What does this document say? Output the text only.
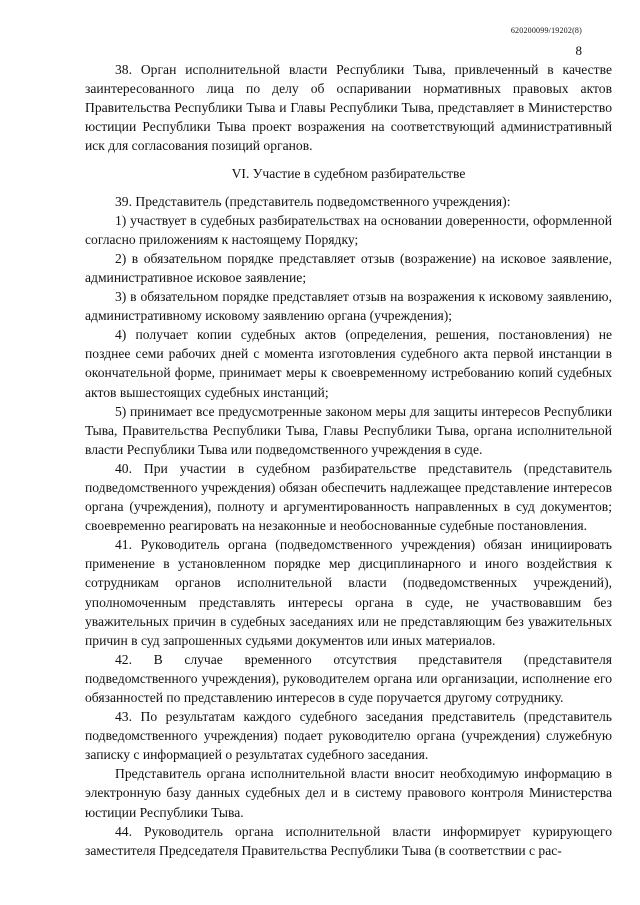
620200099/19202(8)
8

38. Орган исполнительной власти Республики Тыва, привлеченный в качестве заинтересованного лица по делу об оспаривании нормативных правовых актов Правительства Республики Тыва и Главы Республики Тыва, представляет в Министерство юстиции Республики Тыва проект возражения на соответствующий административный иск для согласования позиций органов.

VI. Участие в судебном разбирательстве

39. Представитель (представитель подведомственного учреждения):

1) участвует в судебных разбирательствах на основании доверенности, оформленной согласно приложениям к настоящему Порядку;

2) в обязательном порядке представляет отзыв (возражение) на исковое заявление, административное исковое заявление;

3) в обязательном порядке представляет отзыв на возражения к исковому заявлению, административному исковому заявлению органа (учреждения);

4) получает копии судебных актов (определения, решения, постановления) не позднее семи рабочих дней с момента изготовления судебного акта первой инстанции в окончательной форме, принимает меры к своевременному истребованию копий судебных актов вышестоящих судебных инстанций;

5) принимает все предусмотренные законом меры для защиты интересов Республики Тыва, Правительства Республики Тыва, Главы Республики Тыва, органа исполнительной власти Республики Тыва или подведомственного учреждения в суде.

40. При участии в судебном разбирательстве представитель (представитель подведомственного учреждения) обязан обеспечить надлежащее представление интересов органа (учреждения), полноту и аргументированность направленных в суд документов; своевременно реагировать на незаконные и необоснованные судебные постановления.

41. Руководитель органа (подведомственного учреждения) обязан инициировать применение в установленном порядке мер дисциплинарного и иного воздействия к сотрудникам органов исполнительной власти (подведомственных учреждений), уполномоченным представлять интересы органа в суде, не участвовавшим без уважительных причин в судебных заседаниях или не представляющим без уважительных причин в суд запрошенных судьями документов или иных материалов.

42. В случае временного отсутствия представителя (представителя подведомственного учреждения), руководителем органа или организации, исполнение его обязанностей по представлению интересов в суде поручается другому сотруднику.

43. По результатам каждого судебного заседания представитель (представитель подведомственного учреждения) подает руководителю органа (учреждения) служебную записку с информацией о результатах судебного заседания.

Представитель органа исполнительной власти вносит необходимую информацию в электронную базу данных судебных дел и в систему правового контроля Министерства юстиции Республики Тыва.

44. Руководитель органа исполнительной власти информирует курирующего заместителя Председателя Правительства Республики Тыва (в соответствии с рас-
